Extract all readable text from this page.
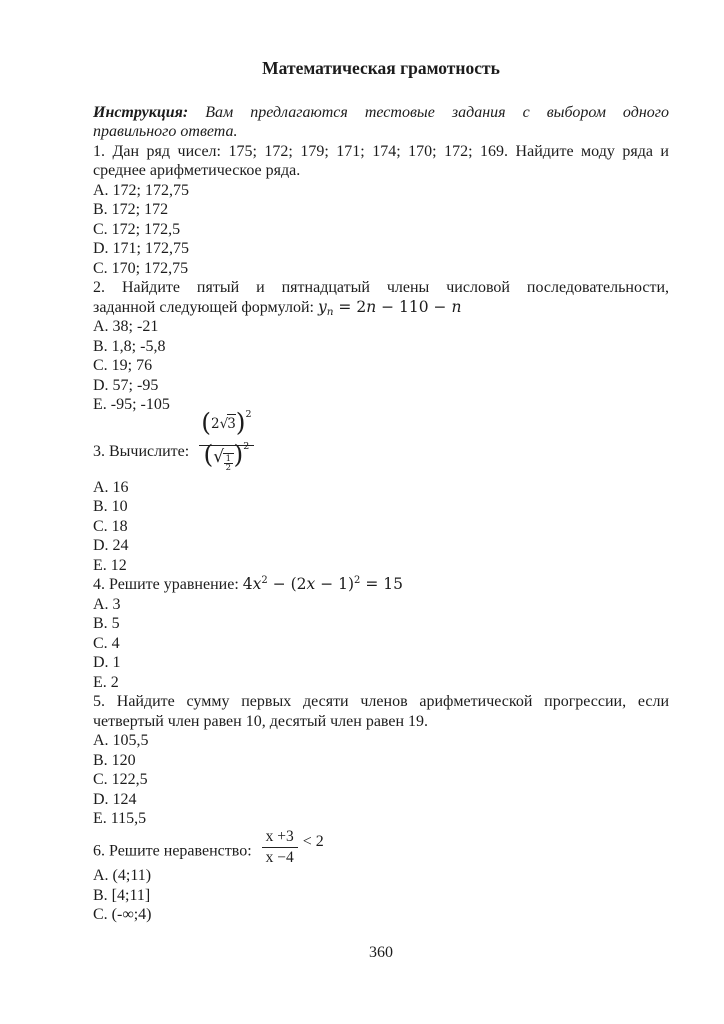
Математическая грамотность
Инструкция: Вам предлагаются тестовые задания с выбором одного
правильного ответа.
1. Дан ряд чисел: 175; 172; 179; 171; 174; 170; 172; 169. Найдите моду ряда и
среднее арифметическое ряда.
A. 172; 172,75
B. 172; 172
C. 172; 172,5
D. 171; 172,75
C. 170; 172,75
2. Найдите пятый и пятнадцатый члены числовой последовательности,
заданной следующей формулой: yn = 2n − 110 − n
A. 38; -21
B. 1,8; -5,8
C. 19; 76
D. 57; -95
E. -95; -105
3. Вычислите: $\frac{(2√3)^2}{(√ \frac{1}{2} )^2}$
A. 16
B. 10
C. 18
D. 24
E. 12
4. Решите уравнение: $4x^2 - (2x - 1)^2 = 15$
A. 3
B. 5
C. 4
D. 1
E. 2
5. Найдите сумму первых десяти членов арифметической прогрессии, если
четвертый член равен 10, десятый член равен 19.
A. 105,5
B. 120
C. 122,5
D. 124
E. 115,5
6. Решите неравенство: $\frac{x +3}{x -4} < 2$
A. (4;11)
B. [4;11]
C. (-∞;4)
360
